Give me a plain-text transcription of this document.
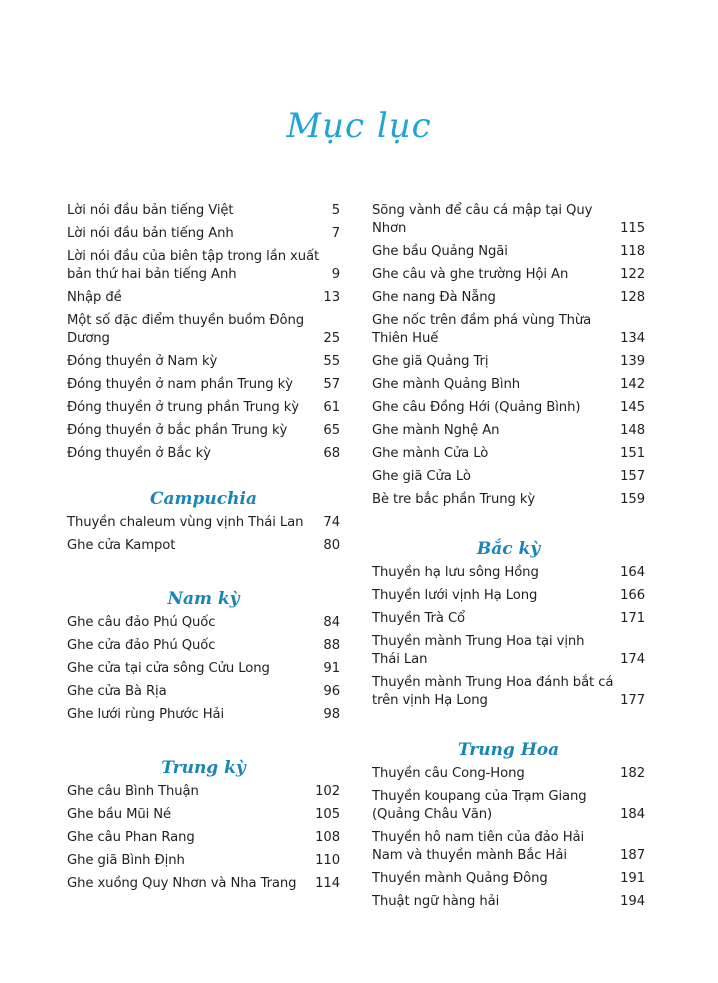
Mục lục
Lời nói đầu bản tiếng Việt	5
Lời nói đầu bản tiếng Anh	7
Lời nói đầu của biên tập trong lần xuất bản thứ hai bản tiếng Anh	9
Nhập đề	13
Một số đặc điểm thuyền buồm Đông Dương	25
Đóng thuyền ở Nam kỳ	55
Đóng thuyền ở nam phần Trung kỳ	57
Đóng thuyền ở trung phần Trung kỳ	61
Đóng thuyền ở bắc phần Trung kỳ	65
Đóng thuyền ở Bắc kỳ	68
Campuchia
Thuyền chaleum vùng vịnh Thái Lan	74
Ghe cửa Kampot	80
Nam kỳ
Ghe câu đảo Phú Quốc	84
Ghe cửa đảo Phú Quốc	88
Ghe cửa tại cửa sông Cửu Long	91
Ghe cửa Bà Rịa	96
Ghe lưới rùng Phước Hải	98
Trung kỳ
Ghe câu Bình Thuận	102
Ghe bầu Mũi Né	105
Ghe câu Phan Rang	108
Ghe giã Bình Định	110
Ghe xuồng Quy Nhơn và Nha Trang	114
Sõng vành để câu cá mập tại Quy Nhơn	115
Ghe bầu Quảng Ngãi	118
Ghe câu và ghe trường Hội An	122
Ghe nang Đà Nẵng	128
Ghe nốc trên đầm phá vùng Thừa Thiên Huế	134
Ghe giã Quảng Trị	139
Ghe mành Quảng Bình	142
Ghe câu Đồng Hới (Quảng Bình)	145
Ghe mành Nghệ An	148
Ghe mành Cửa Lò	151
Ghe giã Cửa Lò	157
Bè tre bắc phần Trung kỳ	159
Bắc kỳ
Thuyền hạ lưu sông Hồng	164
Thuyền lưới vịnh Hạ Long	166
Thuyền Trà Cổ	171
Thuyền mành Trung Hoa tại vịnh Thái Lan	174
Thuyền mành Trung Hoa đánh bắt cá trên vịnh Hạ Long	177
Trung Hoa
Thuyền câu Cong-Hong	182
Thuyền koupang của Trạm Giang (Quảng Châu Văn)	184
Thuyền hô nam tiên của đảo Hải Nam và thuyền mành Bắc Hải	187
Thuyền mành Quảng Đông	191
Thuật ngữ hàng hải	194
